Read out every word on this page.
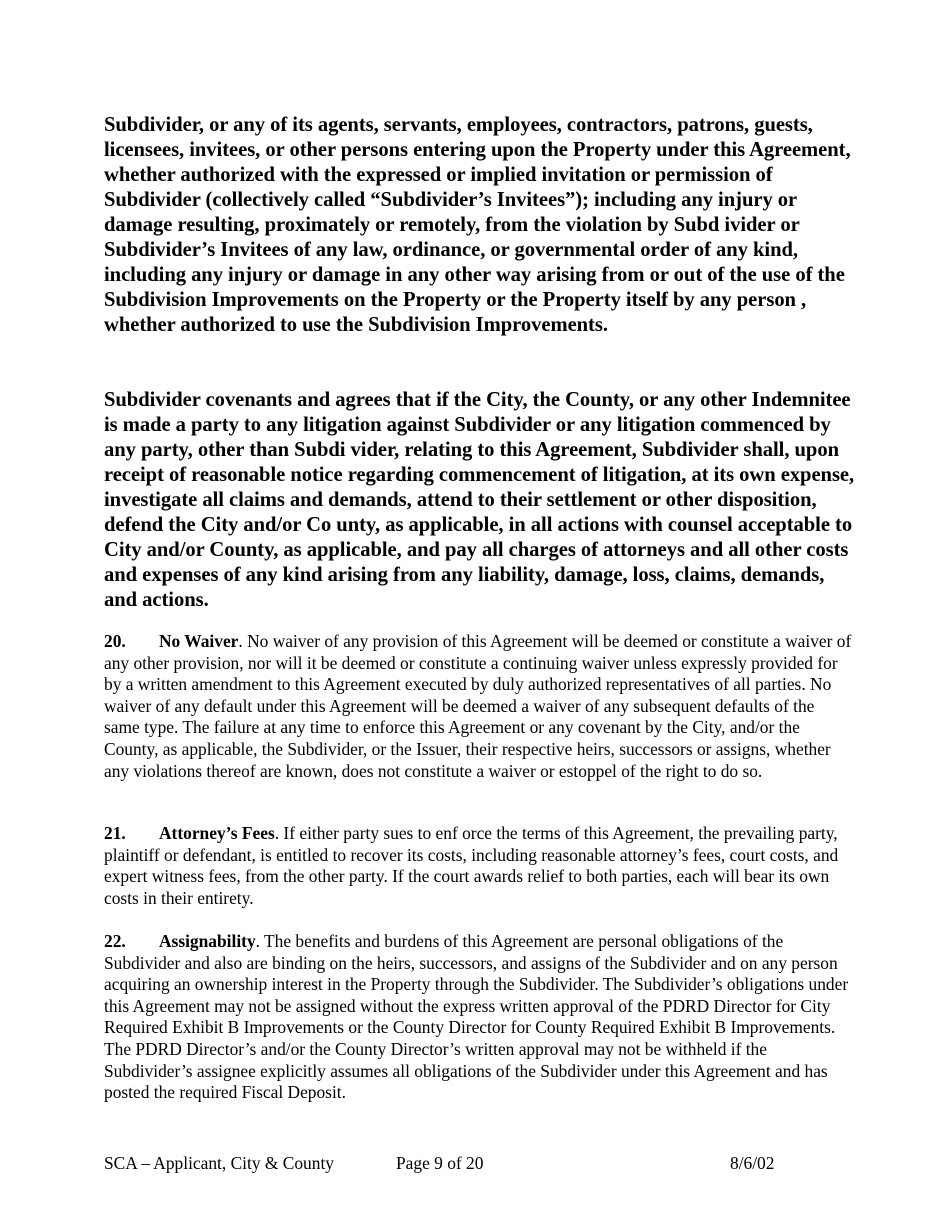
Subdivider, or any of its agents, servants, employees, contractors, patrons, guests, licensees, invitees, or other persons entering upon the Property under this Agreement, whether authorized with the expressed or implied invitation or permission of Subdivider (collectively called “Subdivider’s Invitees”); including any injury or damage resulting, proximately or remotely, from the violation by Subd ivider or Subdivider’s Invitees of any law, ordinance, or governmental order of any kind, including any injury or damage in any other way arising from or out of the use of the Subdivision Improvements on the Property or the Property itself by any person , whether authorized to use the Subdivision Improvements.

Subdivider covenants and agrees that if the City, the County, or any other Indemnitee is made a party to any litigation against Subdivider or any litigation commenced by any party, other than Subdi vider, relating to this Agreement, Subdivider shall, upon receipt of reasonable notice regarding commencement of litigation, at its own expense, investigate all claims and demands, attend to their settlement or other disposition, defend the City and/or Co unty, as applicable, in all actions with counsel acceptable to City and/or County, as applicable, and pay all charges of attorneys and all other costs and expenses of any kind arising from any liability, damage, loss, claims, demands, and actions.

20. No Waiver. No waiver of any provision of this Agreement will be deemed or constitute a waiver of any other provision, nor will it be deemed or constitute a continuing waiver unless expressly provided for by a written amendment to this Agreement executed by duly authorized representatives of all parties. No waiver of any default under this Agreement will be deemed a waiver of any subsequent defaults of the same type. The failure at any time to enforce this Agreement or any covenant by the City, and/or the County, as applicable, the Subdivider, or the Issuer, their respective heirs, successors or assigns, whether any violations thereof are known, does not constitute a waiver or estoppel of the right to do so.

21. Attorney’s Fees. If either party sues to enf orce the terms of this Agreement, the prevailing party, plaintiff or defendant, is entitled to recover its costs, including reasonable attorney’s fees, court costs, and expert witness fees, from the other party. If the court awards relief to both parties, each will bear its own costs in their entirety.

22. Assignability. The benefits and burdens of this Agreement are personal obligations of the Subdivider and also are binding on the heirs, successors, and assigns of the Subdivider and on any person acquiring an ownership interest in the Property through the Subdivider. The Subdivider’s obligations under this Agreement may not be assigned without the express written approval of the PDRD Director for City Required Exhibit B Improvements or the County Director for County Required Exhibit B Improvements. The PDRD Director’s and/or the County Director’s written approval may not be withheld if the Subdivider’s assignee explicitly assumes all obligations of the Subdivider under this Agreement and has posted the required Fiscal Deposit.

SCA – Applicant, City & County	Page 9 of 20	8/6/02
